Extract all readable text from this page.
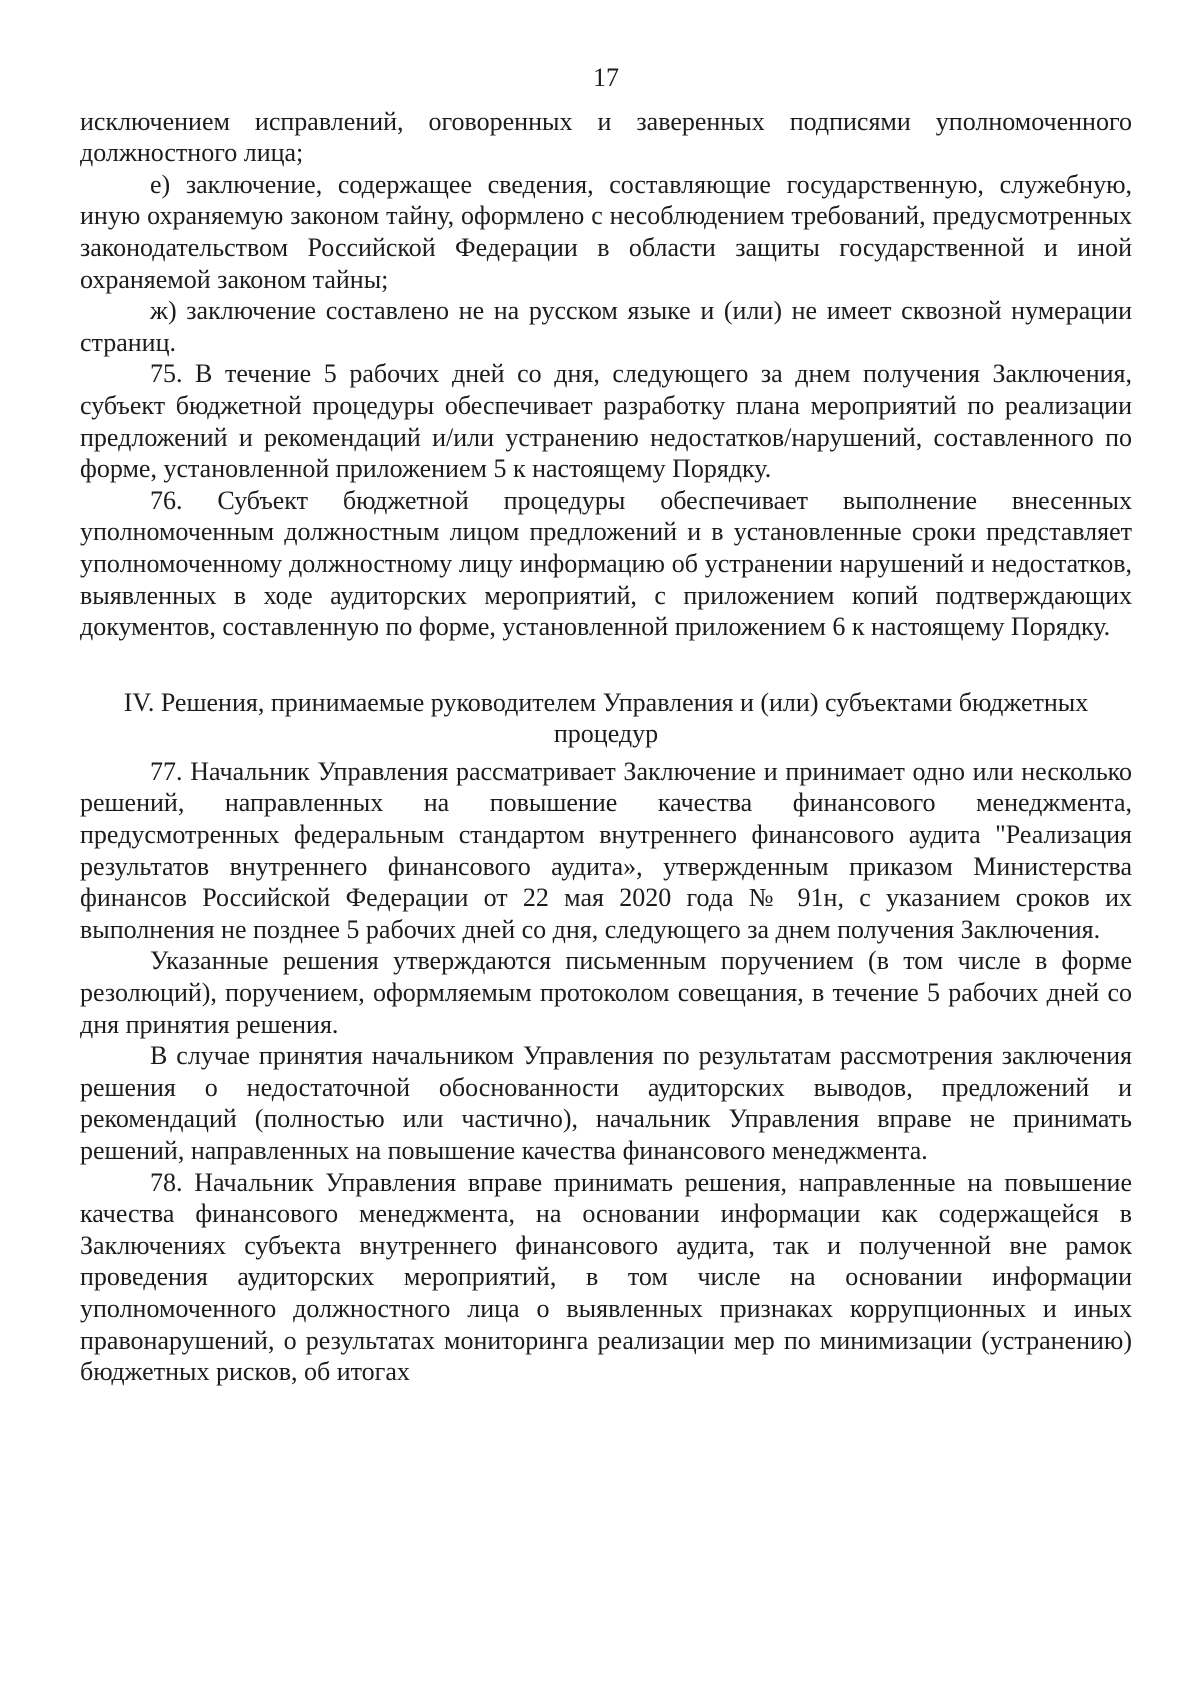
17

исключением исправлений, оговоренных и заверенных подписями уполномоченного должностного лица;

е) заключение, содержащее сведения, составляющие государственную, служебную, иную охраняемую законом тайну, оформлено с несоблюдением требований, предусмотренных законодательством Российской Федерации в области защиты государственной и иной охраняемой законом тайны;

ж) заключение составлено не на русском языке и (или) не имеет сквозной нумерации страниц.

75. В течение 5 рабочих дней со дня, следующего за днем получения Заключения, субъект бюджетной процедуры обеспечивает разработку плана мероприятий по реализации предложений и рекомендаций и/или устранению недостатков/нарушений, составленного по форме, установленной приложением 5 к настоящему Порядку.

76. Субъект бюджетной процедуры обеспечивает выполнение внесенных уполномоченным должностным лицом предложений и в установленные сроки представляет уполномоченному должностному лицу информацию об устранении нарушений и недостатков, выявленных в ходе аудиторских мероприятий, с приложением копий подтверждающих документов, составленную по форме, установленной приложением 6 к настоящему Порядку.

IV. Решения, принимаемые руководителем Управления и (или) субъектами бюджетных процедур

77. Начальник Управления рассматривает Заключение и принимает одно или несколько решений, направленных на повышение качества финансового менеджмента, предусмотренных федеральным стандартом внутреннего финансового аудита "Реализация результатов внутреннего финансового аудита», утвержденным приказом Министерства финансов Российской Федерации от 22 мая 2020 года № 91н, с указанием сроков их выполнения не позднее 5 рабочих дней со дня, следующего за днем получения Заключения.

Указанные решения утверждаются письменным поручением (в том числе в форме резолюций), поручением, оформляемым протоколом совещания, в течение 5 рабочих дней со дня принятия решения.

В случае принятия начальником Управления по результатам рассмотрения заключения решения о недостаточной обоснованности аудиторских выводов, предложений и рекомендаций (полностью или частично), начальник Управления вправе не принимать решений, направленных на повышение качества финансового менеджмента.

78. Начальник Управления вправе принимать решения, направленные на повышение качества финансового менеджмента, на основании информации как содержащейся в Заключениях субъекта внутреннего финансового аудита, так и полученной вне рамок проведения аудиторских мероприятий, в том числе на основании информации уполномоченного должностного лица о выявленных признаках коррупционных и иных правонарушений, о результатах мониторинга реализации мер по минимизации (устранению) бюджетных рисков, об итогах
